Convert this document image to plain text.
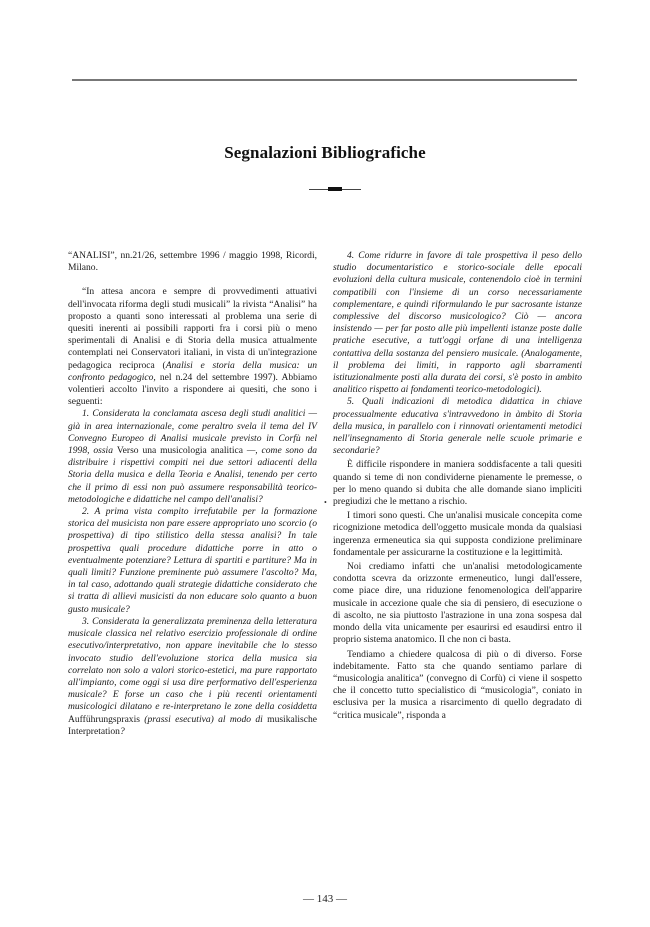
Segnalazioni Bibliografiche

“ANALISI”, nn.21/26, settembre 1996 / maggio 1998, Ricordi, Milano.

“In attesa ancora e sempre di provvedimenti attuativi dell'invocata riforma degli studi musicali” la rivista “Analisi” ha proposto a quanti sono interessati al problema una serie di quesiti inerenti ai possibili rapporti fra i corsi più o meno sperimentali di Analisi e di Storia della musica attualmente contemplati nei Conservatori italiani, in vista di un'integrazione pedagogica reciproca (Analisi e storia della musica: un confronto pedagogico, nel n.24 del settembre 1997). Abbiamo volentieri accolto l'invito a rispondere ai quesiti, che sono i seguenti:

1. Considerata la conclamata ascesa degli studi analitici — già in area internazionale, come peraltro svela il tema del IV Convegno Europeo di Analisi musicale previsto in Corfù nel 1998, ossia Verso una musicologia analitica —, come sono da distribuire i rispettivi compiti nei due settori adiacenti della Storia della musica e della Teoria e Analisi, tenendo per certo che il primo di essi non può assumere responsabilità teorico-metodologiche e didattiche nel campo dell'analisi?

2. A prima vista compito irrefutabile per la formazione storica del musicista non pare essere appropriato uno scorcio (o prospettiva) di tipo stilistico della stessa analisi? In tale prospettiva quali procedure didattiche porre in atto o eventualmente potenziare? Lettura di spartiti e partiture? Ma in quali limiti? Funzione preminente può assumere l'ascolto? Ma, in tal caso, adottando quali strategie didattiche considerato che si tratta di allievi musicisti da non educare solo quanto a buon gusto musicale?

3. Considerata la generalizzata preminenza della letteratura musicale classica nel relativo esercizio professionale di ordine esecutivo/interpretativo, non appare inevitabile che lo stesso invocato studio dell'evoluzione storica della musica sia correlato non solo a valori storico-estetici, ma pure rapportato all'impianto, come oggi si usa dire performativo dell'esperienza musicale? E forse un caso che i più recenti orientamenti musicologici dilatano e re-interpretano le zone della cosiddetta Aufführungspraxis (prassi esecutiva) al modo di musikalische Interpretation?

•

4. Come ridurre in favore di tale prospettiva il peso dello studio documentaristico e storico-sociale delle epocali evoluzioni della cultura musicale, contenendolo cioè in termini compatibili con l'insieme di un corso necessariamente complementare, e quindi riformulando le pur sacrosante istanze complessive del discorso musicologico? Ciò — ancora insistendo — per far posto alle più impellenti istanze poste dalle pratiche esecutive, a tutt'oggi orfane di una intelligenza contattiva della sostanza del pensiero musicale. (Analogamente, il problema dei limiti, in rapporto agli sbarramenti istituzionalmente posti alla durata dei corsi, s'è posto in ambito analitico rispetto ai fondamenti teorico-metodologici).

5. Quali indicazioni di metodica didattica in chiave processualmente educativa s'intravvedono in àmbito di Storia della musica, in parallelo con i rinnovati orientamenti metodici nell'insegnamento di Storia generale nelle scuole primarie e secondarie?

È difficile rispondere in maniera soddisfacente a tali quesiti quando si teme di non condividerne pienamente le premesse, o per lo meno quando si dubita che alle domande siano impliciti pregiudizi che le mettano a rischio.

I timori sono questi. Che un'analisi musicale concepita come ricognizione metodica dell'oggetto musicale monda da qualsiasi ingerenza ermeneutica sia qui supposta condizione preliminare fondamentale per assicurarne la costituzione e la legittimità.

Noi crediamo infatti che un'analisi metodologicamente condotta scevra da orizzonte ermeneutico, lungi dall'essere, come piace dire, una riduzione fenomenologica dell'apparire musicale in accezione quale che sia di pensiero, di esecuzione o di ascolto, ne sia piuttosto l'astrazione in una zona sospesa dal mondo della vita unicamente per esaurirsi ed esaudirsi entro il proprio sistema anatomico. Il che non ci basta.

Tendiamo a chiedere qualcosa di più o di diverso. Forse indebitamente. Fatto sta che quando sentiamo parlare di “musicologia analitica” (convegno di Corfù) ci viene il sospetto che il concetto tutto specialistico di “musicologia”, coniato in esclusiva per la musica a risarcimento di quello degradato di “critica musicale”, risponda a

— 143 —
